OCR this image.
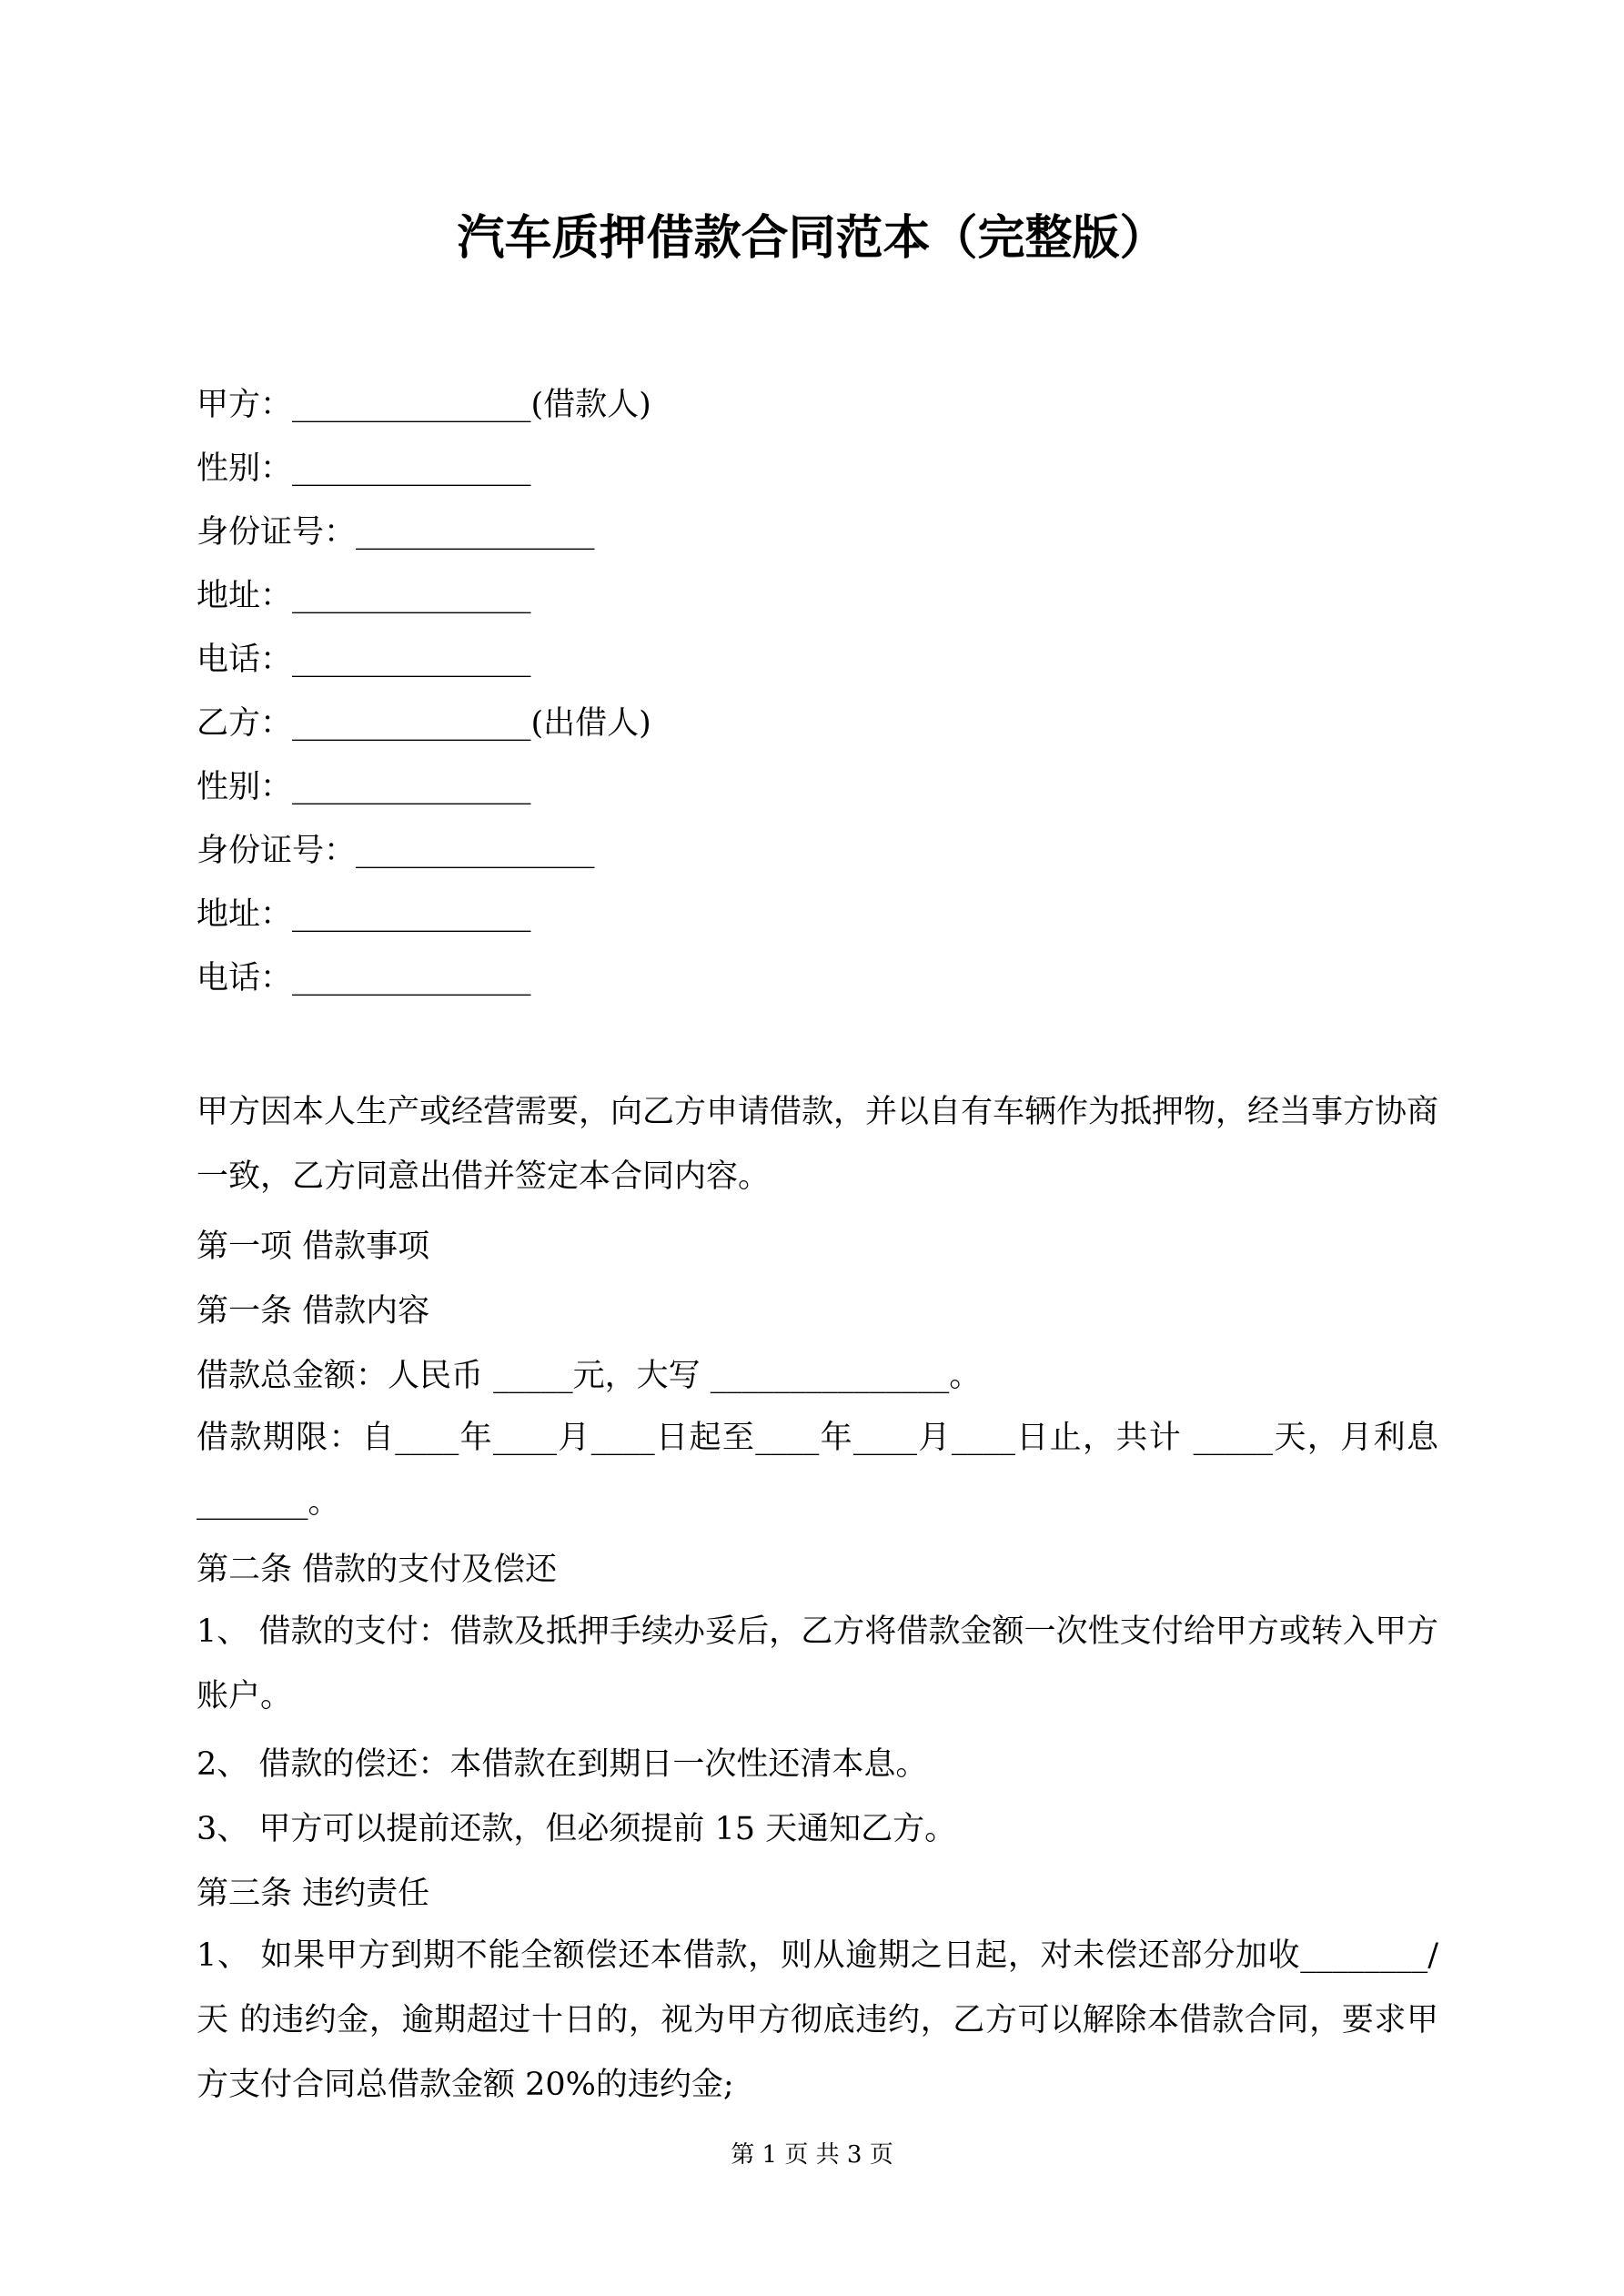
汽车质押借款合同范本（完整版）
甲方：_______________(借款人)
性别：_______________
身份证号：_______________
地址：_______________
电话：_______________
乙方：_______________(出借人)
性别：_______________
身份证号：_______________
地址：_______________
电话：_______________
甲方因本人生产或经营需要，向乙方申请借款，并以自有车辆作为抵押物，经当事方协商一致，乙方同意出借并签定本合同内容。
第一项 借款事项
第一条 借款内容
借款总金额：人民币 _____元，大写 _______________。
借款期限：自____年____月____日起至____年____月____日止，共计 _____天，月利息_______。
第二条 借款的支付及偿还
1、 借款的支付：借款及抵押手续办妥后，乙方将借款金额一次性支付给甲方或转入甲方账户。
2、 借款的偿还：本借款在到期日一次性还清本息。
3、 甲方可以提前还款，但必须提前 15 天通知乙方。
第三条 违约责任
1、 如果甲方到期不能全额偿还本借款，则从逾期之日起，对未偿还部分加收________/天 的违约金，逾期超过十日的，视为甲方彻底违约，乙方可以解除本借款合同，要求甲方支付合同总借款金额 20%的违约金;
第 1 页 共 3 页
